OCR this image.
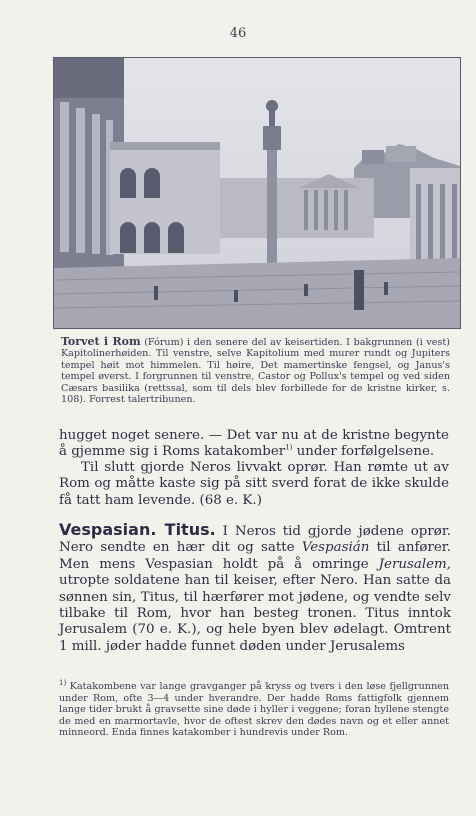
46
Torvet i Rom (Fórum) i den senere del av keisertiden. I bakgrunnen (i vest) Kapitolinerhøiden. Til venstre, selve Kapitolium med murer rundt og Jupiters tempel høit mot himmelen. Til høire, Det mamertinske fengsel, og Janus's tempel øverst. I forgrunnen til venstre, Castor og Pollux's tempel og ved siden Cæsars basilika (rettssal, som til dels blev forbillede for de kristne kirker, s. 108). Forrest talertribunen.
hugget noget senere. — Det var nu at de kristne begynte å gjemme sig i Roms katakomber$^{1)}$ under forfølgelsene.
Til slutt gjorde Neros livvakt oprør. Han rømte ut av Rom og måtte kaste sig på sitt sverd forat de ikke skulde få tatt ham levende. (68 e. K.)
Vespasian. Titus. I Neros tid gjorde jødene oprør. Nero sendte en hær dit og satte Vespasián til anfører. Men mens Vespasian holdt på å omringe Jerusalem, utropte soldatene han til keiser, efter Nero. Han satte da sønnen sin, Titus, til hærfører mot jødene, og vendte selv tilbake til Rom, hvor han besteg tronen. Titus inntok Jerusalem (70 e. K.), og hele byen blev ødelagt. Omtrent 1 mill. jøder hadde funnet døden under Jerusalems
$^{1)}$ Katakombene var lange gravganger på kryss og tvers i den løse fjellgrunnen under Rom, ofte 3—4 under hverandre. Der hadde Roms fattigfolk gjennem lange tider brukt å gravsette sine døde i hyller i veggene; foran hyllene stengte de med en marmortavle, hvor de oftest skrev den dødes navn og et eller annet minneord. Enda finnes katakomber i hundrevis under Rom.
